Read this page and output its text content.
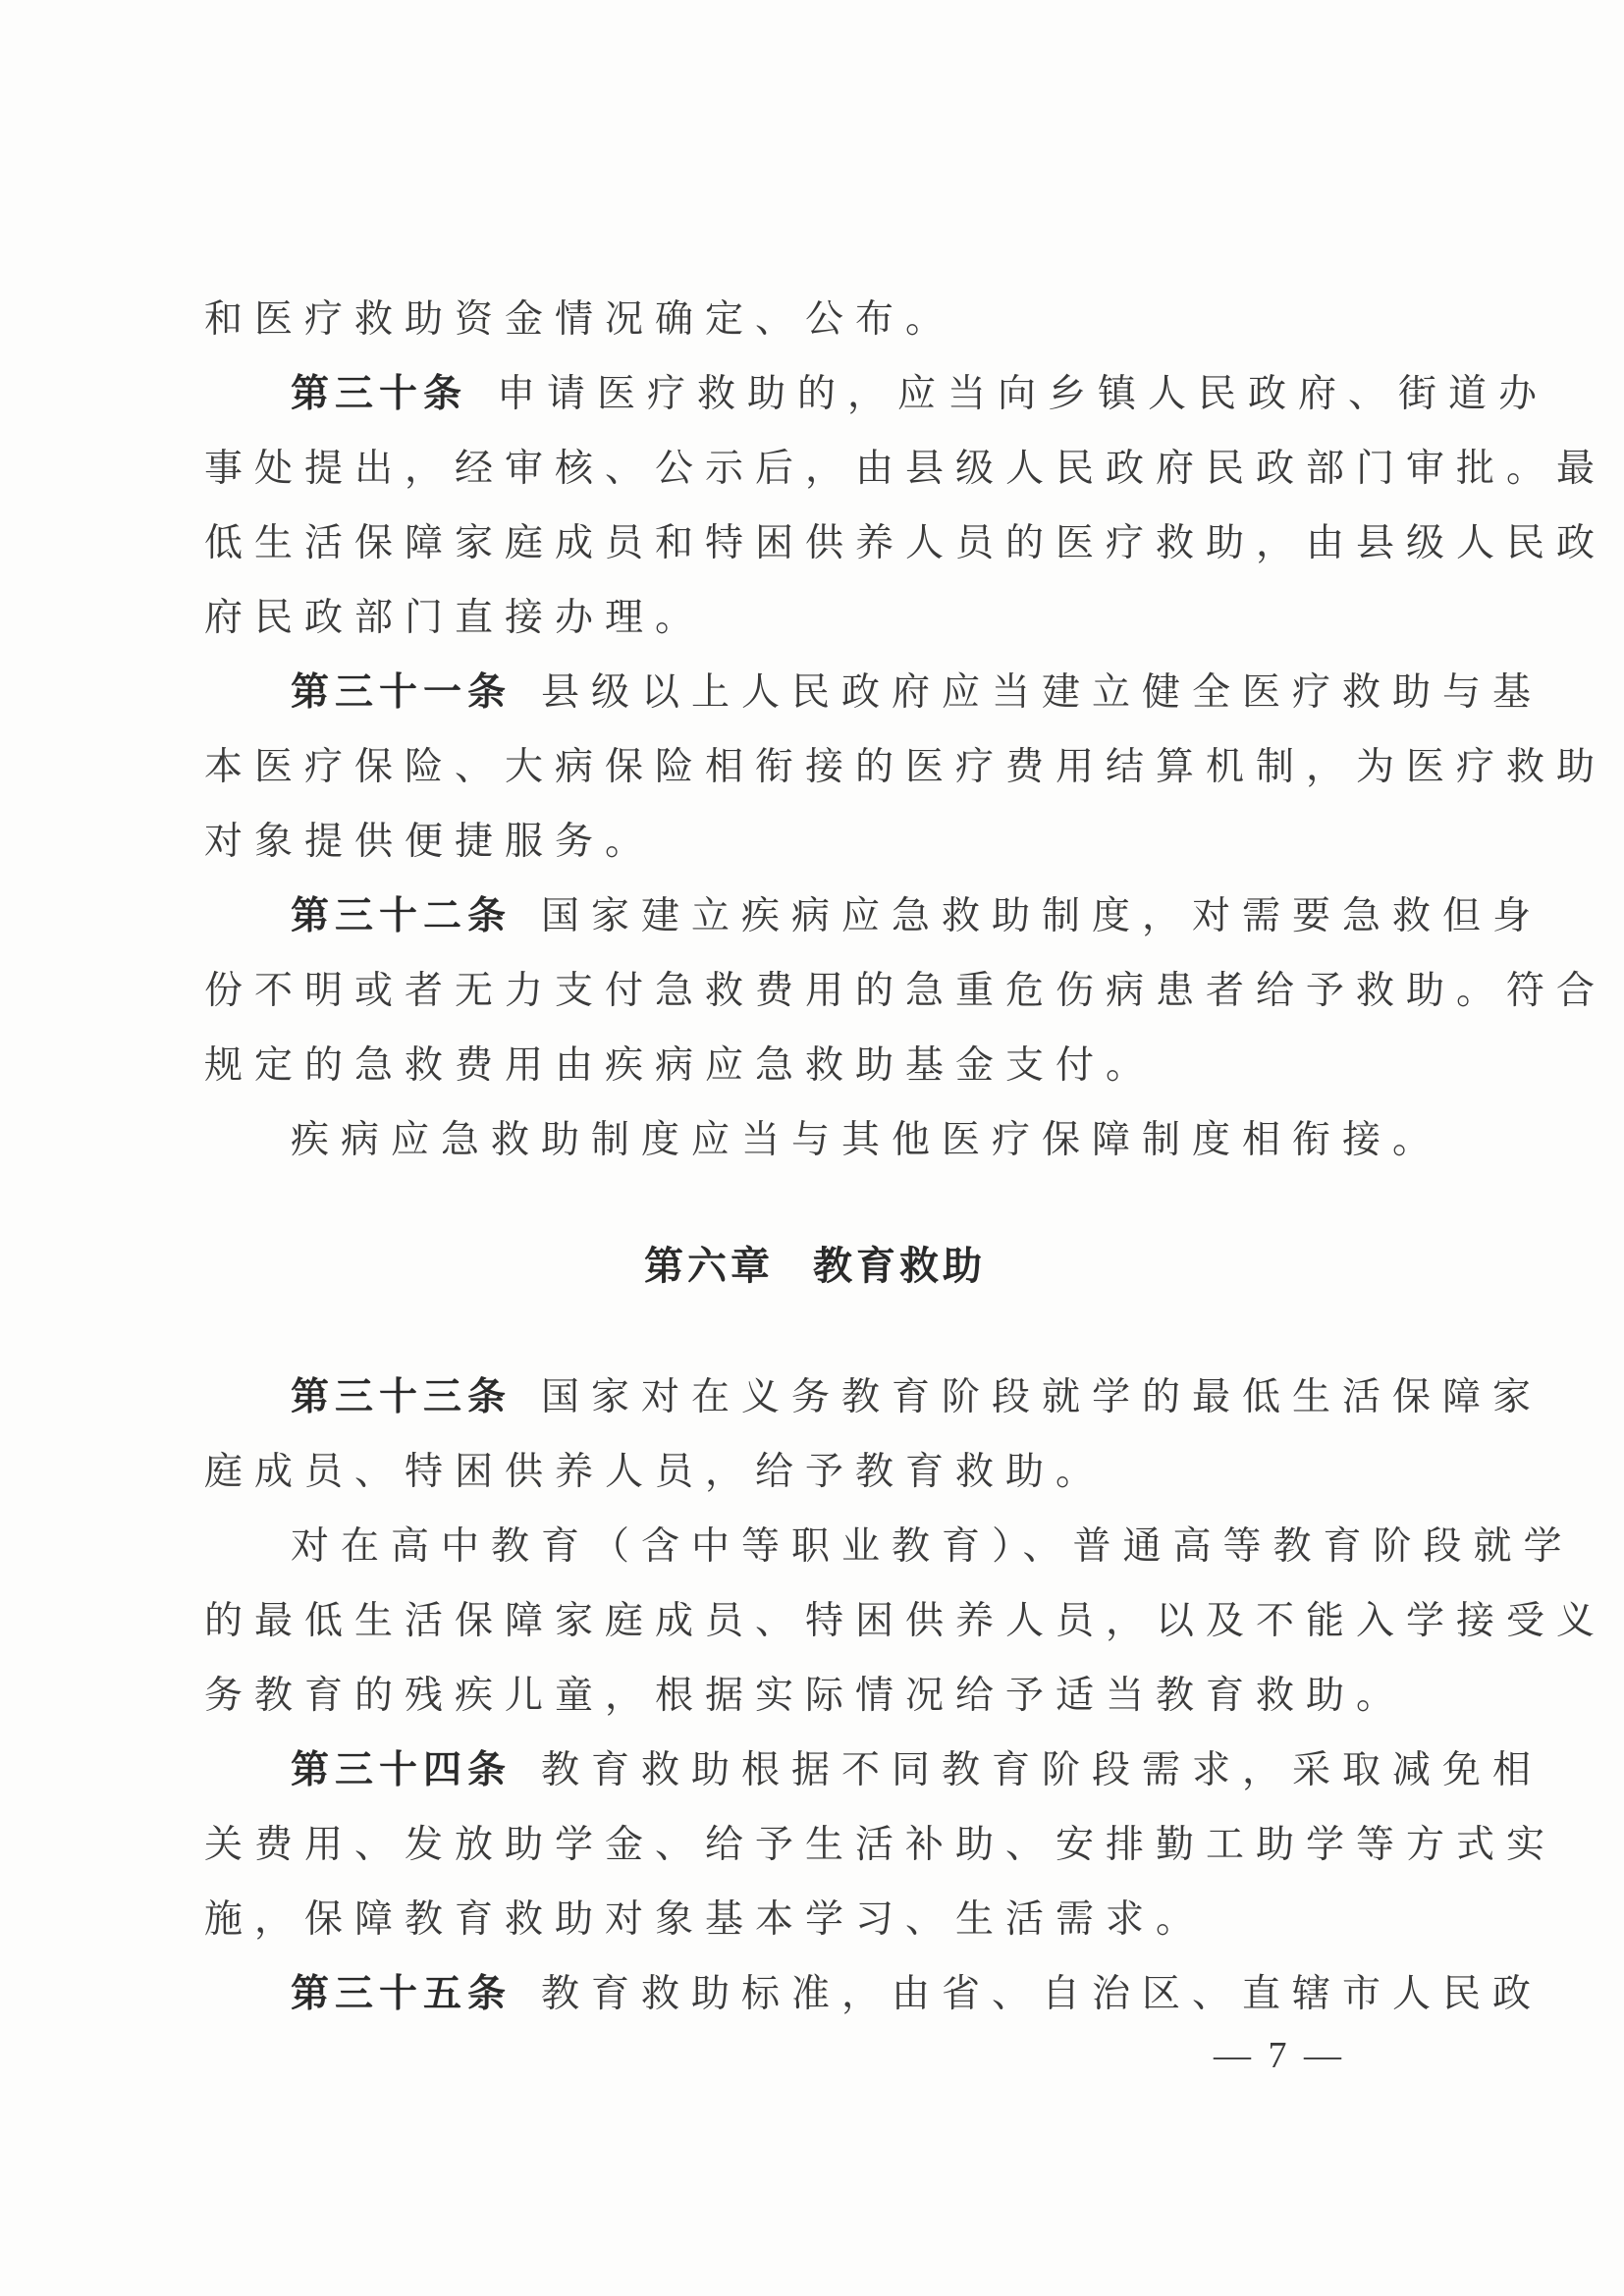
和医疗救助资金情况确定、公布。
第三十条 申请医疗救助的，应当向乡镇人民政府、街道办
事处提出，经审核、公示后，由县级人民政府民政部门审批。最
低生活保障家庭成员和特困供养人员的医疗救助，由县级人民政
府民政部门直接办理。
第三十一条 县级以上人民政府应当建立健全医疗救助与基
本医疗保险、大病保险相衔接的医疗费用结算机制，为医疗救助
对象提供便捷服务。
第三十二条 国家建立疾病应急救助制度，对需要急救但身
份不明或者无力支付急救费用的急重危伤病患者给予救助。符合
规定的急救费用由疾病应急救助基金支付。
疾病应急救助制度应当与其他医疗保障制度相衔接。
第六章 教育救助
第三十三条 国家对在义务教育阶段就学的最低生活保障家
庭成员、特困供养人员，给予教育救助。
对在高中教育（含中等职业教育）、普通高等教育阶段就学
的最低生活保障家庭成员、特困供养人员，以及不能入学接受义
务教育的残疾儿童，根据实际情况给予适当教育救助。
第三十四条 教育救助根据不同教育阶段需求，采取减免相
关费用、发放助学金、给予生活补助、安排勤工助学等方式实
施，保障教育救助对象基本学习、生活需求。
第三十五条 教育救助标准，由省、自治区、直辖市人民政
— 7 —
